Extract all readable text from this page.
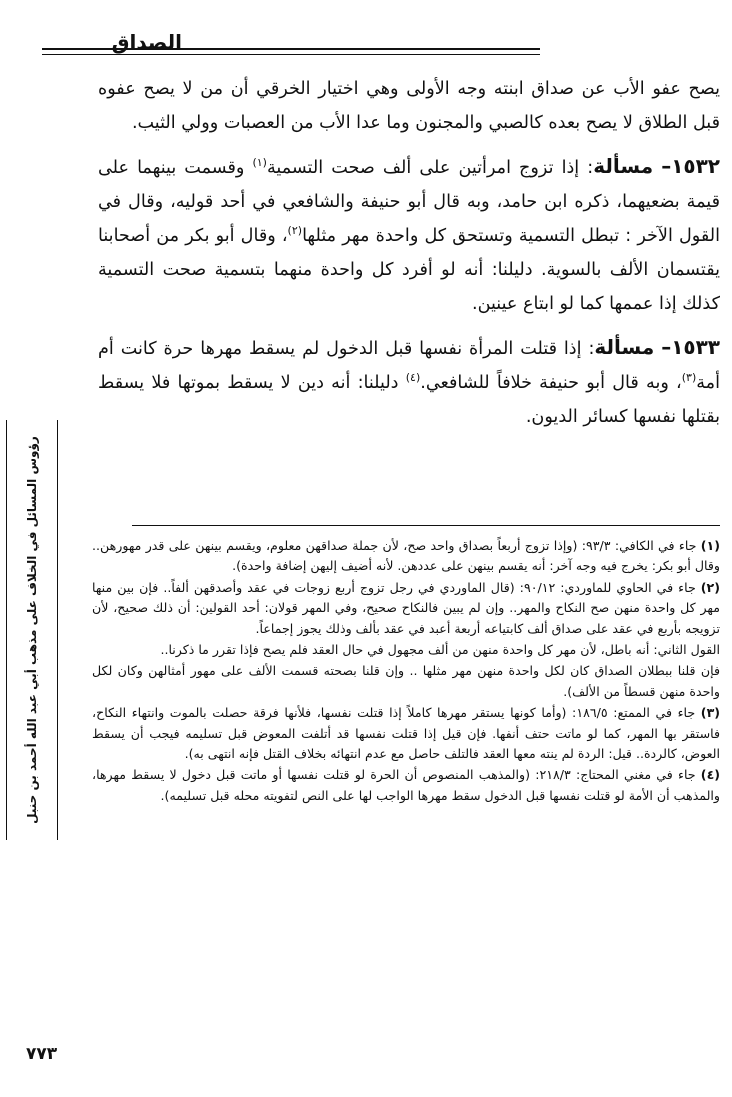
الصداق

يصح عفو الأب عن صداق ابنته وجه الأولى وهي اختيار الخرقي أن من لا يصح عفوه قبل الطلاق لا يصح بعده كالصبي والمجنون وما عدا الأب من العصبات وولي الثيب.

١٥٣٢– مسألة: إذا تزوج امرأتين على ألف صحت التسمية$^{(١)}$ وقسمت بينهما على قيمة بضعيهما، ذكره ابن حامد، وبه قال أبو حنيفة والشافعي في أحد قوليه، وقال في القول الآخر : تبطل التسمية وتستحق كل واحدة مهر مثلها$^{(٢)}$، وقال أبو بكر من أصحابنا يقتسمان الألف بالسوية. دليلنا: أنه لو أفرد كل واحدة منهما بتسمية صحت التسمية كذلك إذا عممها كما لو ابتاع عينين.

١٥٣٣– مسألة: إذا قتلت المرأة نفسها قبل الدخول لم يسقط مهرها حرة كانت أم أمة$^{(٣)}$، وبه قال أبو حنيفة خلافاً للشافعي.$^{(٤)}$ دليلنا: أنه دين لا يسقط بموتها فلا يسقط بقتلها نفسها كسائر الديون.

رؤوس المسائل في الخلاف على مذهب أبي عبد الله أحمد بن حنبل	(١) جاء في الكافي: ٩٣/٣: (وإذا تزوج أربعاً بصداق واحد صح، لأن جملة صداقهن معلوم، ويقسم بينهن على قدر مهورهن.. وقال أبو بكر: يخرج فيه وجه آخر: أنه يقسم بينهن على عددهن. لأنه أضيف إليهن إضافة واحدة).

(٢) جاء في الحاوي للماوردي: ٩٠/١٢: (قال الماوردي في رجل تزوج أربع زوجات في عقد وأصدقهن ألفاً.. فإن بين منها مهر كل واحدة منهن صح النكاح والمهر.. وإن لم يبين فالنكاح صحيح، وفي المهر قولان: أحد القولين: أن ذلك صحيح، لأن تزويجه بأربع في عقد على صداق ألف كابتياعه أربعة أعبد في عقد بألف وذلك يجوز إجماعاً.

القول الثاني: أنه باطل، لأن مهر كل واحدة منهن من ألف مجهول في حال العقد فلم يصح فإذا تقرر ما ذكرنا..

فإن قلنا ببطلان الصداق كان لكل واحدة منهن مهر مثلها .. وإن قلنا بصحته قسمت الألف على مهور أمثالهن وكان لكل واحدة منهن قسطاً من الألف).

(٣) جاء في الممتع: ١٨٦/٥: (وأما كونها يستقر مهرها كاملاً إذا قتلت نفسها، فلأنها فرقة حصلت بالموت وانتهاء النكاح، فاستقر بها المهر، كما لو ماتت حتف أنفها. فإن قيل إذا قتلت نفسها قد أتلفت المعوض قبل تسليمه فيجب أن يسقط العوض، كالردة.. قيل: الردة لم ينته معها العقد فالتلف حاصل مع عدم انتهائه بخلاف القتل فإنه انتهى به).

(٤) جاء في مغني المحتاج: ٢١٨/٣: (والمذهب المنصوص أن الحرة لو قتلت نفسها أو ماتت قبل دخول لا يسقط مهرها، والمذهب أن الأمة لو قتلت نفسها قبل الدخول سقط مهرها الواجب لها على النص لتفويته محله قبل تسليمه).

٧٧٣
